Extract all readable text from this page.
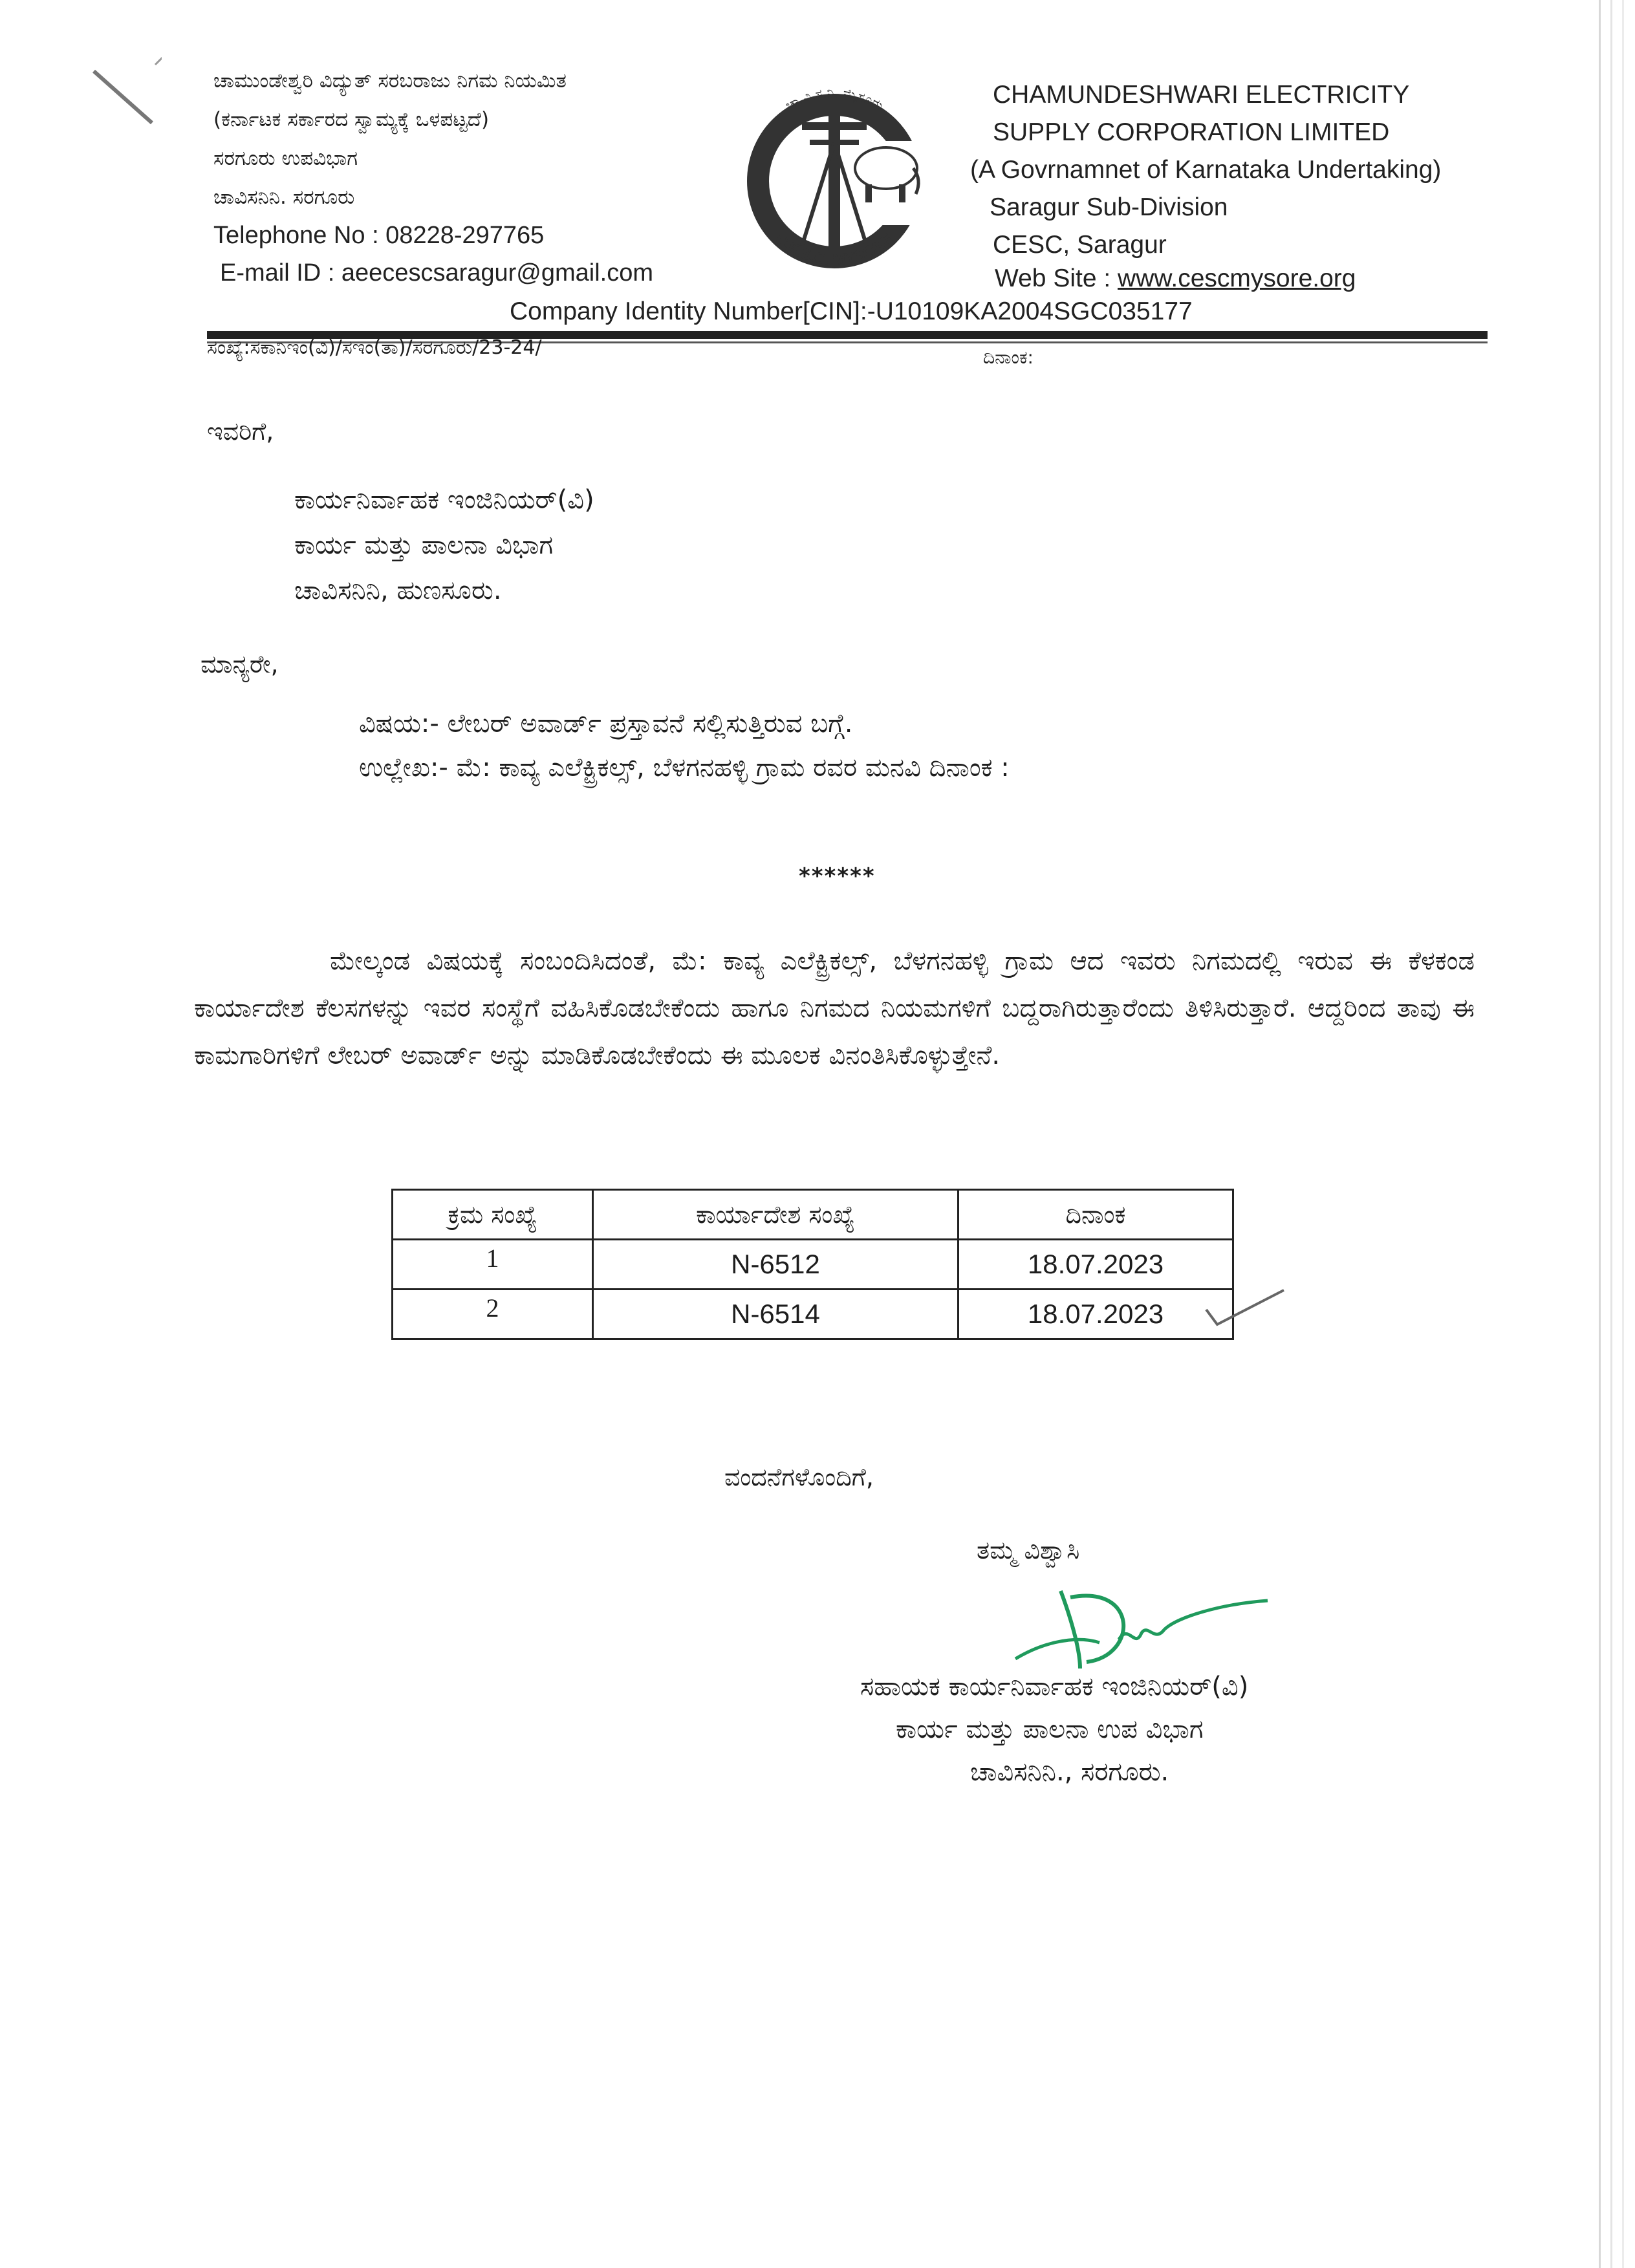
ಚಾಮುಂಡೇಶ್ವರಿ ವಿದ್ಯುತ್ ಸರಬರಾಜು ನಿಗಮ ನಿಯಮಿತ
(ಕರ್ನಾಟಕ ಸರ್ಕಾರದ ಸ್ವಾಮ್ಯಕ್ಕೆ ಒಳಪಟ್ಟದೆ)
ಸರಗೂರು ಉಪವಿಭಾಗ
ಚಾವಿಸನಿನಿ. ಸರಗೂರು
Telephone No : 08228-297765
E-mail ID : aeecescsaragur@gmail.com
ಚಾ.ವಿ.ಸ.ನಿ. ಮೈಸೂರು
C.E.S.C, MYSORE
CHAMUNDESHWARI ELECTRICITY
SUPPLY CORPORATION LIMITED
(A Govrnamnet of Karnataka Undertaking)
Saragur Sub-Division
CESC, Saragur
Web Site : www.cescmysore.org
Company Identity Number[CIN]:-U10109KA2004SGC035177
ಸಂಖ್ಯೆ:ಸಕಾನಿಇಂ(ವಿ)/ಸಇಂ(ತಾ)/ಸರಗೂರು/23-24/	ದಿನಾಂಕ:
ಇವರಿಗೆ,
ಕಾರ್ಯನಿರ್ವಾಹಕ ಇಂಜಿನಿಯರ್(ವಿ)
ಕಾರ್ಯ ಮತ್ತು ಪಾಲನಾ ವಿಭಾಗ
ಚಾವಿಸನಿನಿ, ಹುಣಸೂರು.
ಮಾನ್ಯರೇ,
ವಿಷಯ:- ಲೇಬರ್ ಅವಾರ್ಡ್ ಪ್ರಸ್ತಾವನೆ ಸಲ್ಲಿಸುತ್ತಿರುವ ಬಗ್ಗೆ.
ಉಲ್ಲೇಖ:- ಮೆ: ಕಾವ್ಯ ಎಲೆಕ್ಟ್ರಿಕಲ್ಸ್, ಬೆಳಗನಹಳ್ಳಿ ಗ್ರಾಮ ರವರ ಮನವಿ ದಿನಾಂಕ :
******
ಮೇಲ್ಕಂಡ ವಿಷಯಕ್ಕೆ ಸಂಬಂದಿಸಿದಂತೆ, ಮೆ: ಕಾವ್ಯ ಎಲೆಕ್ಟ್ರಿಕಲ್ಸ್, ಬೆಳಗನಹಳ್ಳಿ ಗ್ರಾಮ ಆದ ಇವರು ನಿಗಮದಲ್ಲಿ ಇರುವ ಈ ಕೆಳಕಂಡ ಕಾರ್ಯಾದೇಶ ಕೆಲಸಗಳನ್ನು ಇವರ ಸಂಸ್ಥೆಗೆ ವಹಿಸಿಕೊಡಬೇಕೆಂದು ಹಾಗೂ ನಿಗಮದ ನಿಯಮಗಳಿಗೆ ಬದ್ದರಾಗಿರುತ್ತಾರೆಂದು ತಿಳಿಸಿರುತ್ತಾರೆ. ಆದ್ದರಿಂದ ತಾವು ಈ ಕಾಮಗಾರಿಗಳಿಗೆ ಲೇಬರ್ ಅವಾರ್ಡ್ ಅನ್ನು ಮಾಡಿಕೊಡಬೇಕೆಂದು ಈ ಮೂಲಕ ವಿನಂತಿಸಿಕೊಳ್ಳುತ್ತೇನೆ.
ಕ್ರಮ ಸಂಖ್ಯೆ	ಕಾರ್ಯಾದೇಶ ಸಂಖ್ಯೆ	ದಿನಾಂಕ
1	N-6512	18.07.2023
2	N-6514	18.07.2023
ವಂದನೆಗಳೊಂದಿಗೆ,
ತಮ್ಮ ವಿಶ್ವಾಸಿ
ಸಹಾಯಕ ಕಾರ್ಯನಿರ್ವಾಹಕ ಇಂಜಿನಿಯರ್(ವಿ)
ಕಾರ್ಯ ಮತ್ತು ಪಾಲನಾ ಉಪ ವಿಭಾಗ
ಚಾವಿಸನಿನಿ., ಸರಗೂರು.
